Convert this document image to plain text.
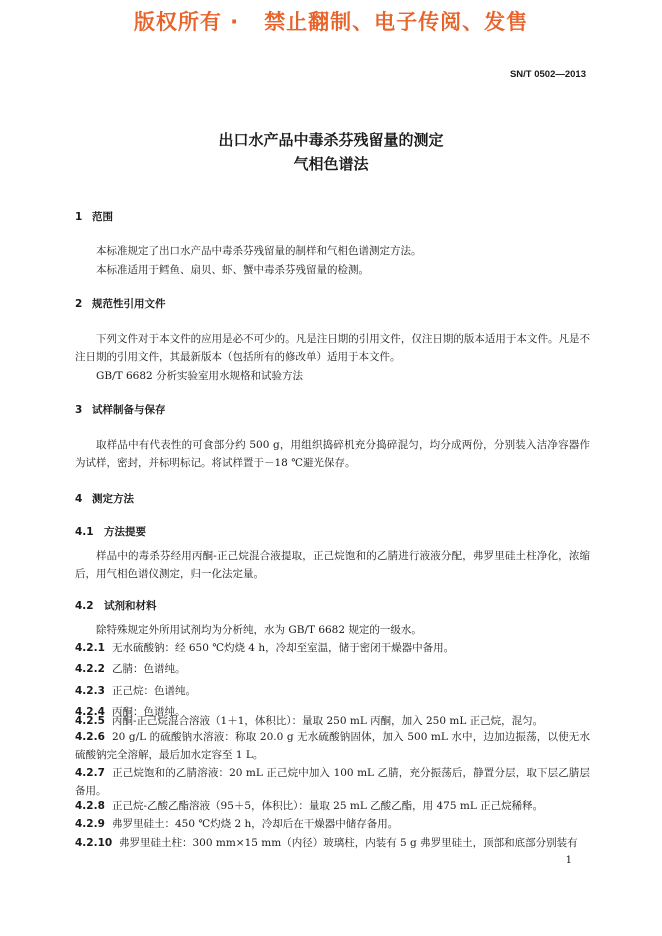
版权所有 ·   禁止翻制、电子传阅、发售
SN/T 0502—2013
出口水产品中毒杀芬残留量的测定
气相色谱法
1 范围
本标准规定了出口水产品中毒杀芬残留量的制样和气相色谱测定方法。
本标准适用于鳕鱼、扇贝、虾、蟹中毒杀芬残留量的检测。
2 规范性引用文件
下列文件对于本文件的应用是必不可少的。凡是注日期的引用文件，仅注日期的版本适用于本文件。凡是不注日期的引用文件，其最新版本（包括所有的修改单）适用于本文件。
GB/T 6682 分析实验室用水规格和试验方法
3 试样制备与保存
取样品中有代表性的可食部分约 500 g，用组织捣碎机充分捣碎混匀，均分成两份，分别装入洁净容器作为试样，密封，并标明标记。将试样置于－18 ℃避光保存。
4 测定方法
4.1 方法提要
样品中的毒杀芬经用丙酮-正己烷混合液提取，正己烷饱和的乙腈进行液液分配，弗罗里硅土柱净化，浓缩后，用气相色谱仪测定，归一化法定量。
4.2 试剂和材料
除特殊规定外所用试剂均为分析纯，水为 GB/T 6682 规定的一级水。
4.2.1 无水硫酸钠：经 650 ℃灼烧 4 h，冷却至室温，储于密闭干燥器中备用。
4.2.2 乙腈：色谱纯。
4.2.3 正己烷：色谱纯。
4.2.4 丙酮：色谱纯。
4.2.5 丙酮-正己烷混合溶液（1＋1，体积比）：量取 250 mL 丙酮，加入 250 mL 正己烷，混匀。
4.2.6 20 g/L 的硫酸钠水溶液：称取 20.0 g 无水硫酸钠固体，加入 500 mL 水中，边加边振荡，以使无水硫酸钠完全溶解，最后加水定容至 1 L。
4.2.7 正己烷饱和的乙腈溶液：20 mL 正己烷中加入 100 mL 乙腈，充分振荡后，静置分层，取下层乙腈层备用。
4.2.8 正己烷-乙酸乙酯溶液（95＋5，体积比）：量取 25 mL 乙酸乙酯，用 475 mL 正己烷稀释。
4.2.9 弗罗里硅土：450 ℃灼烧 2 h，冷却后在干燥器中储存备用。
4.2.10 弗罗里硅土柱：300 mm×15 mm（内径）玻璃柱，内装有 5 g 弗罗里硅土，顶部和底部分别装有
1
